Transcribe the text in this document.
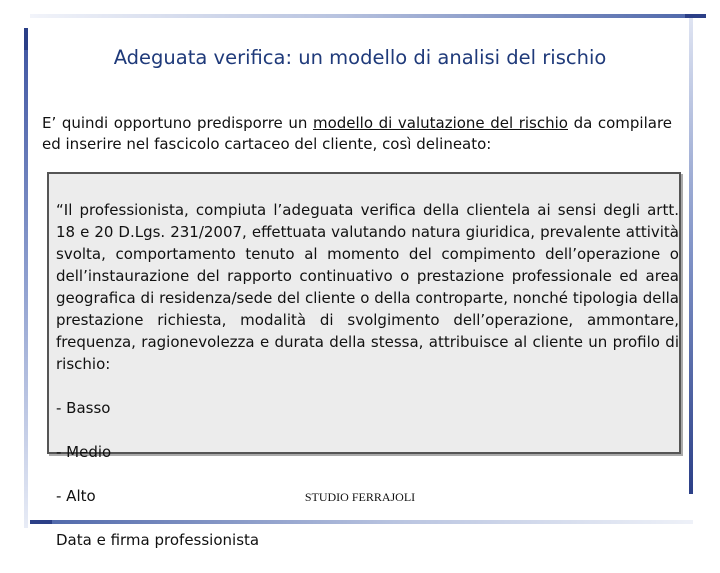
Adeguata verifica: un modello di analisi del rischio
E’ quindi opportuno predisporre un modello di valutazione del rischio da compilare ed inserire nel fascicolo cartaceo del cliente, così delineato:

“Il professionista, compiuta l’adeguata verifica della clientela ai sensi degli artt. 18 e 20 D.Lgs. 231/2007, effettuata valutando natura giuridica, prevalente attività svolta, comportamento tenuto al momento del compimento dell’operazione o dell’instaurazione del rapporto continuativo o prestazione professionale ed area geografica di residenza/sede del cliente o della controparte, nonché tipologia della prestazione richiesta, modalità di svolgimento dell’operazione, ammontare, frequenza, ragionevolezza e durata della stessa, attribuisce al cliente un profilo di rischio:

- Basso

- Medio

- Alto

Data e firma professionista

STUDIO FERRAJOLI
